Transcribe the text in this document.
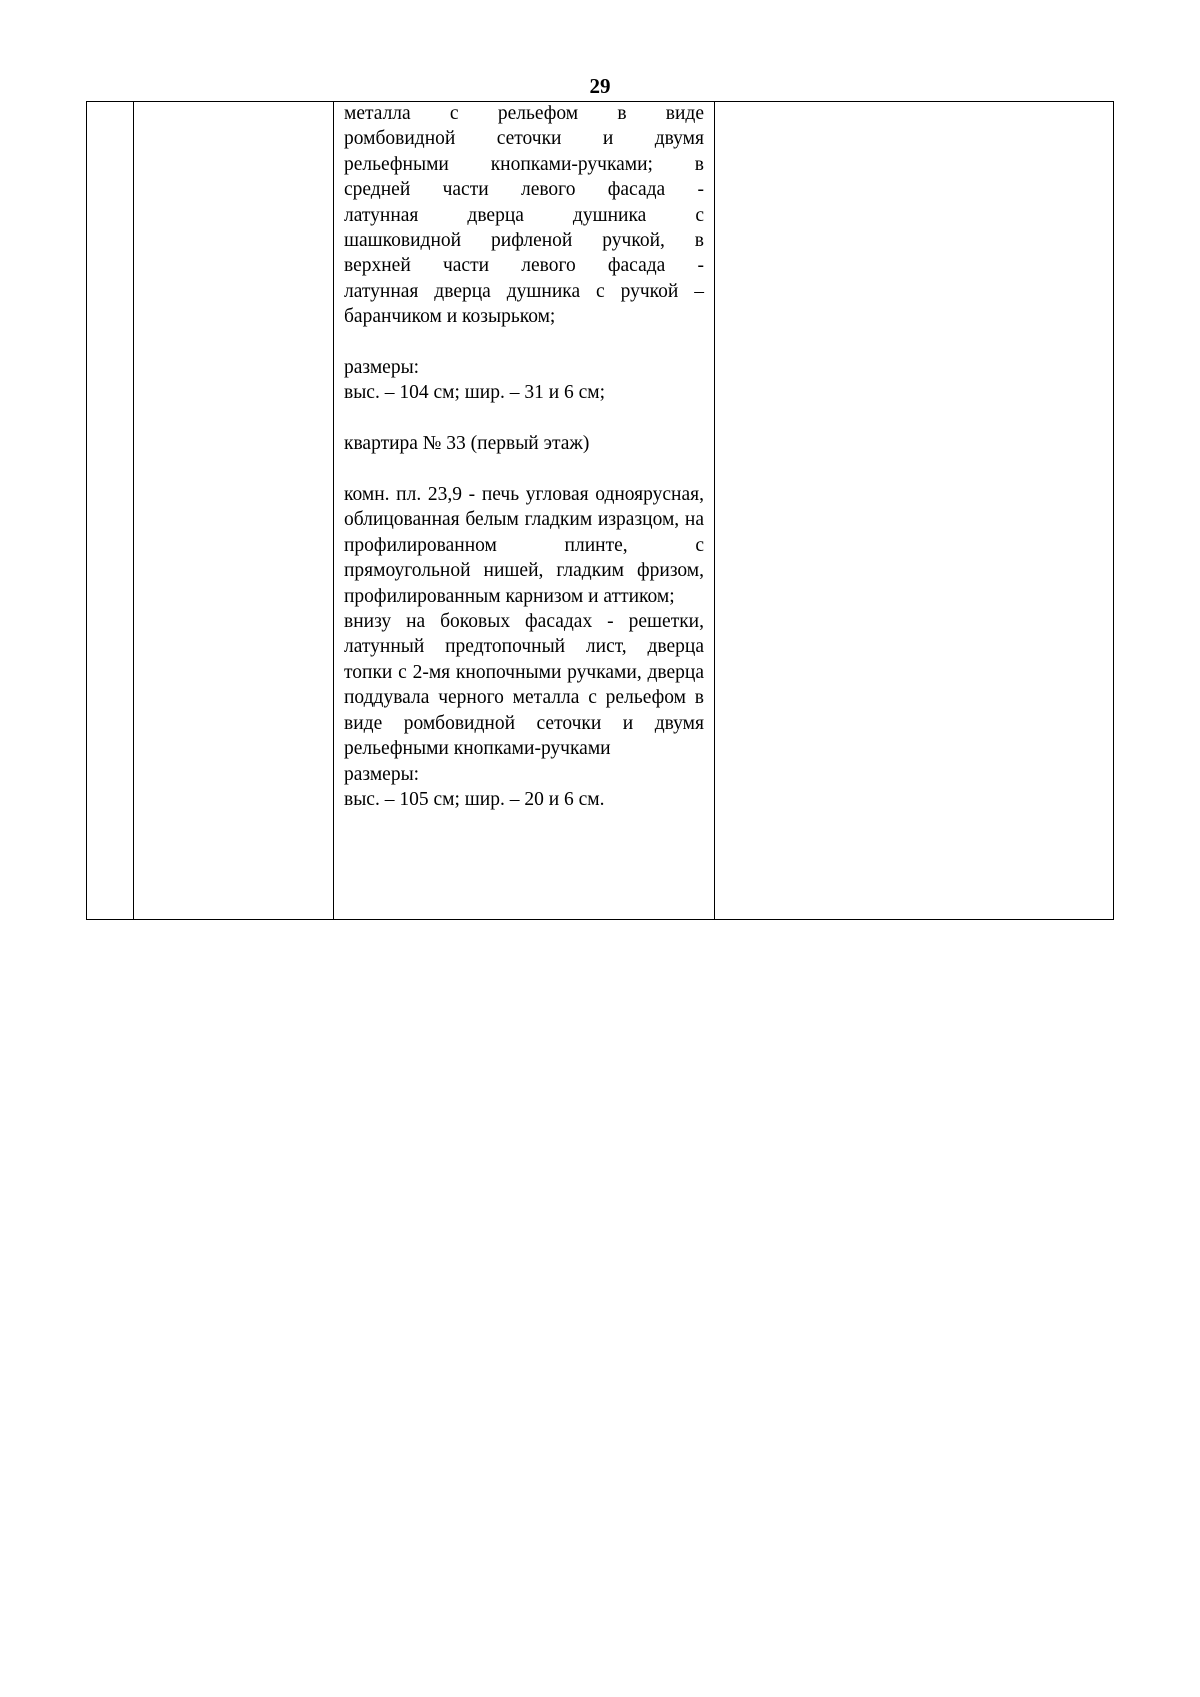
29

металла с рельефом в виде

ромбовидной сеточки и двумя

рельефными кнопками-ручками; в

средней части левого фасада -

латунная дверца душника с

шашковидной рифленой ручкой, в

верхней части левого фасада -

латунная дверца душника с ручкой –

баранчиком и козырьком;

размеры:

выс. – 104 см; шир. – 31 и 6 см;

квартира № 33 (первый этаж)

комн. пл. 23,9 - печь угловая одноярусная, облицованная белым гладким изразцом, на профилированном плинте, с прямоугольной нишей, гладким фризом, профилированным карнизом и аттиком;

внизу на боковых фасадах - решетки, латунный предтопочный лист, дверца топки с 2-мя кнопочными ручками, дверца поддувала черного металла с рельефом в виде ромбовидной сеточки и двумя рельефными кнопками-ручками

размеры:

выс. – 105 см; шир. – 20 и 6 см.
